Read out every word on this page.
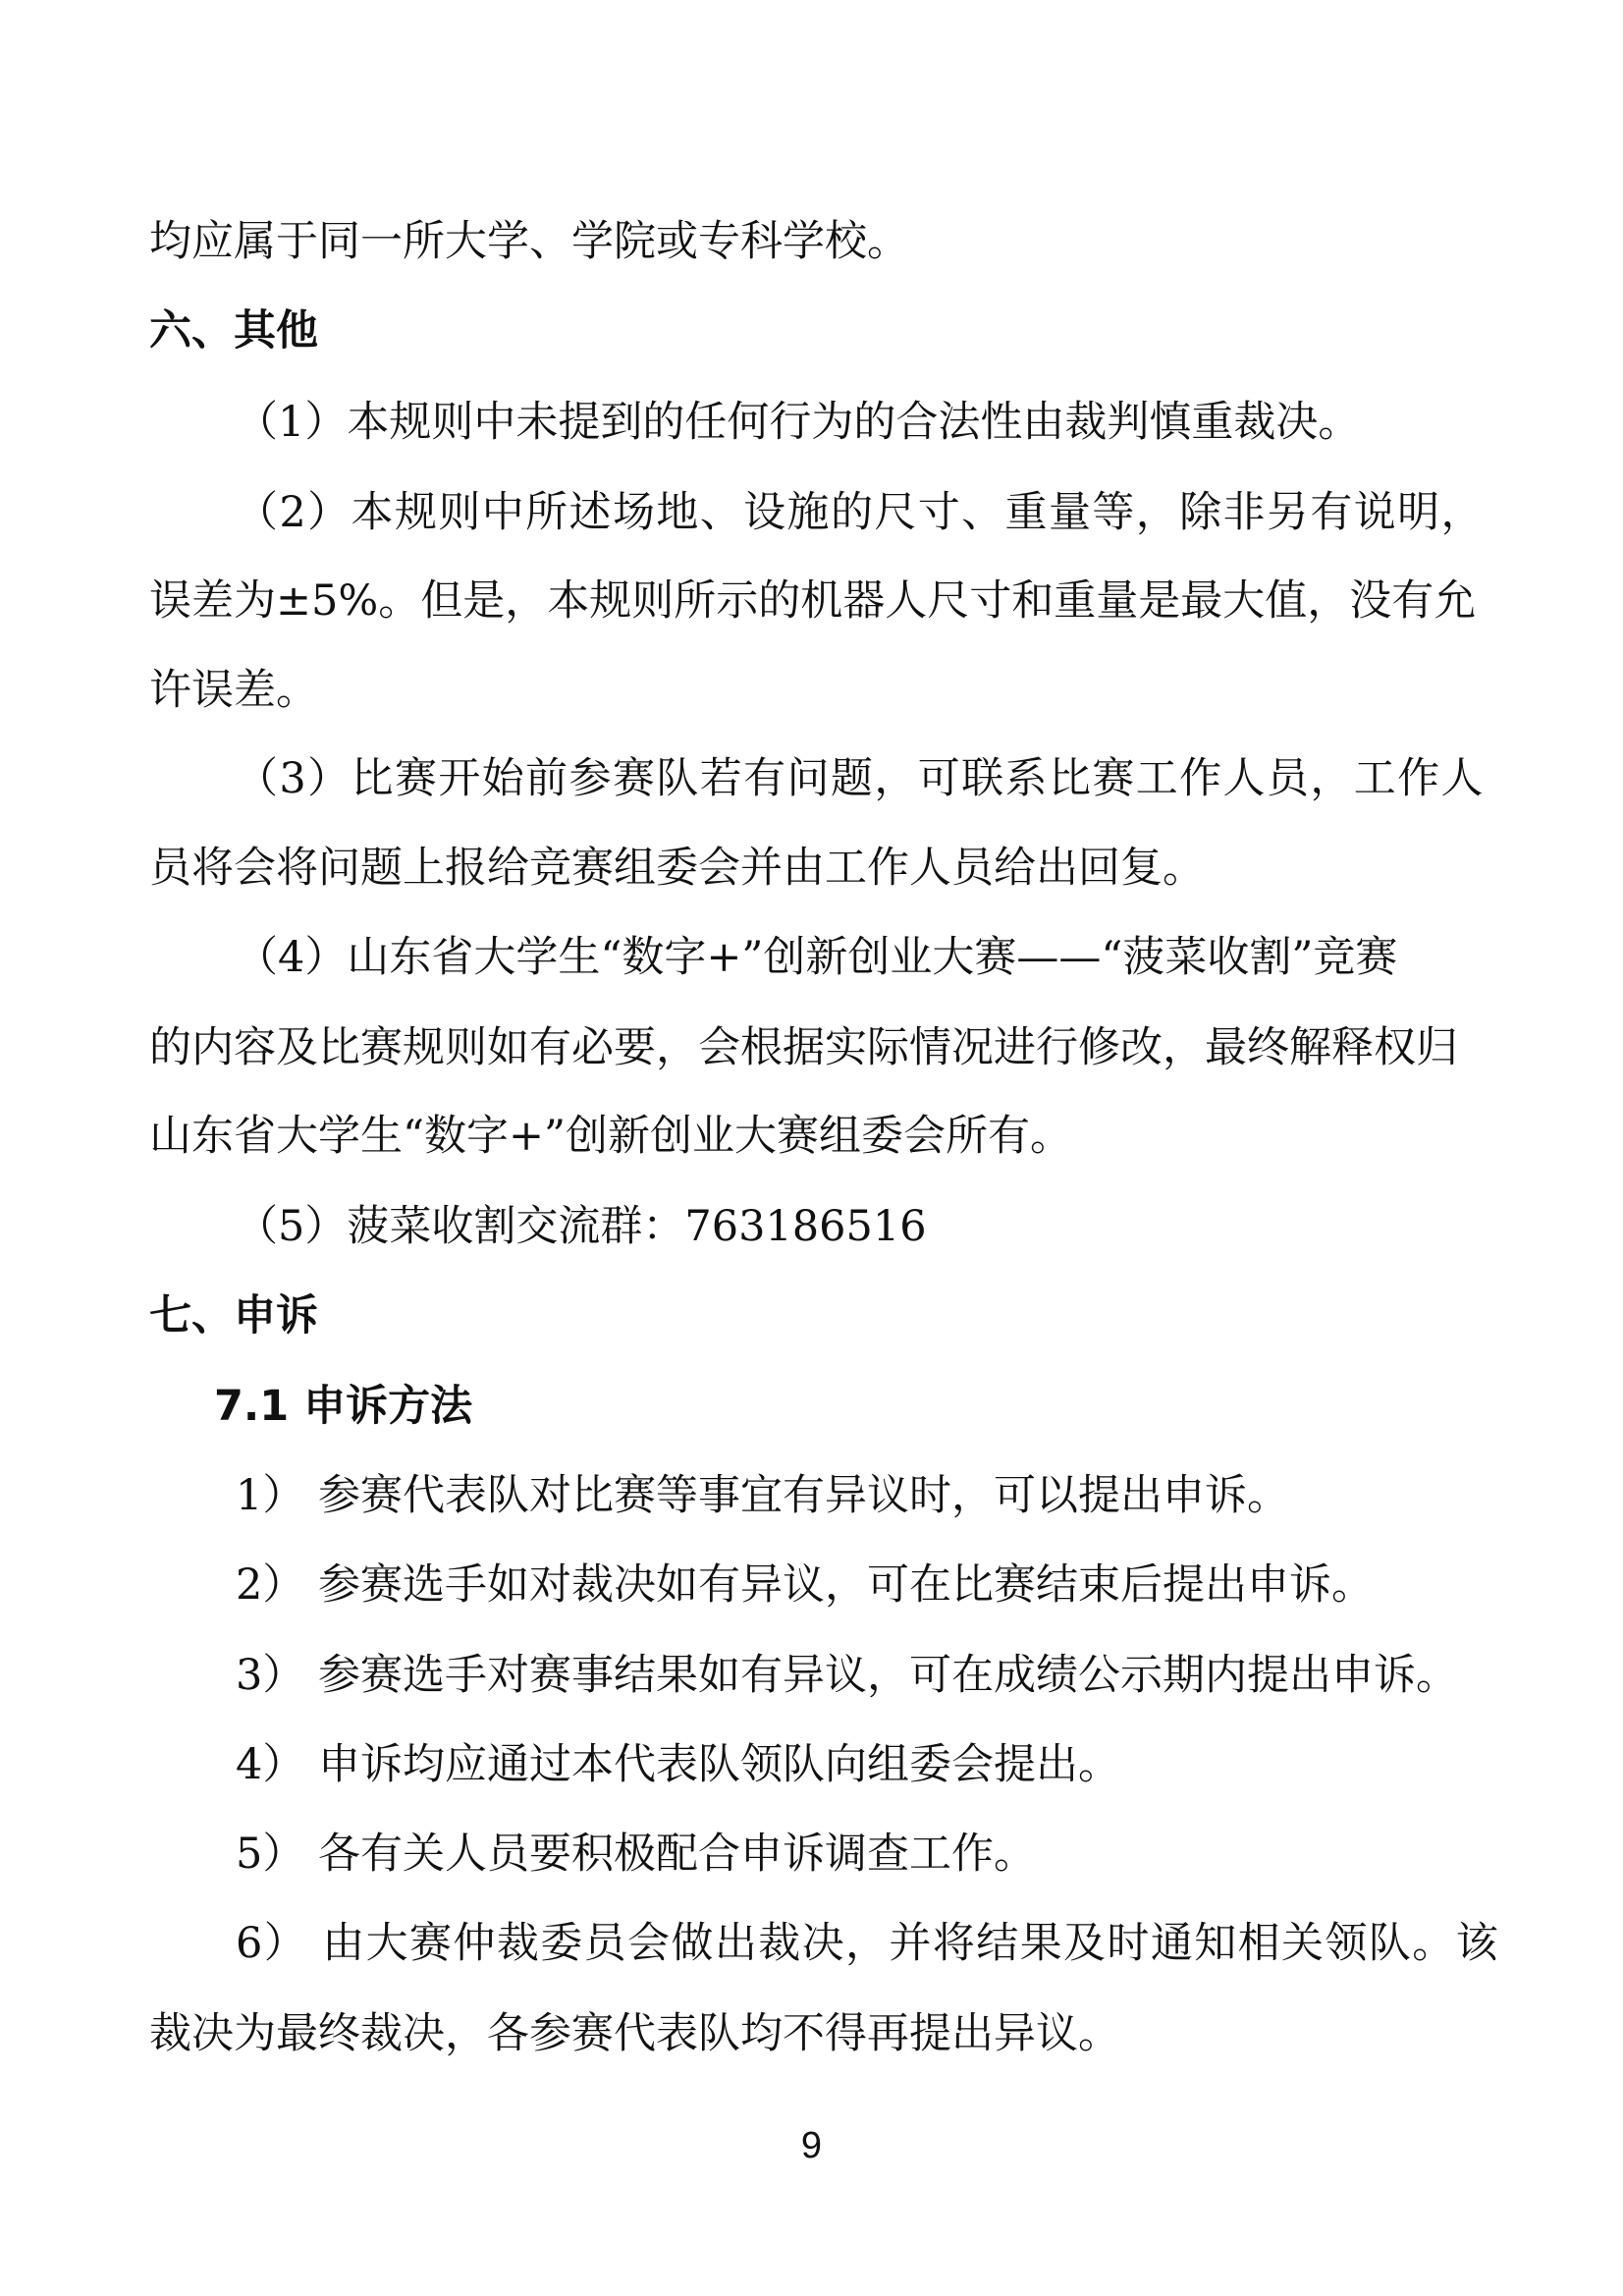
均应属于同一所大学、学院或专科学校。
六、其他
（1）本规则中未提到的任何行为的合法性由裁判慎重裁决。
（2）本规则中所述场地、设施的尺寸、重量等，除非另有说明，
误差为±5%。但是，本规则所示的机器人尺寸和重量是最大值，没有允
许误差。
（3）比赛开始前参赛队若有问题，可联系比赛工作人员，工作人
员将会将问题上报给竞赛组委会并由工作人员给出回复。
（4）山东省大学生“数字+”创新创业大赛——“菠菜收割”竞赛
的内容及比赛规则如有必要，会根据实际情况进行修改，最终解释权归
山东省大学生“数字+”创新创业大赛组委会所有。
（5）菠菜收割交流群：763186516
七、申诉
7.1 申诉方法
1） 参赛代表队对比赛等事宜有异议时，可以提出申诉。
2） 参赛选手如对裁决如有异议，可在比赛结束后提出申诉。
3） 参赛选手对赛事结果如有异议，可在成绩公示期内提出申诉。
4） 申诉均应通过本代表队领队向组委会提出。
5） 各有关人员要积极配合申诉调查工作。
6） 由大赛仲裁委员会做出裁决，并将结果及时通知相关领队。该
裁决为最终裁决，各参赛代表队均不得再提出异议。
9
